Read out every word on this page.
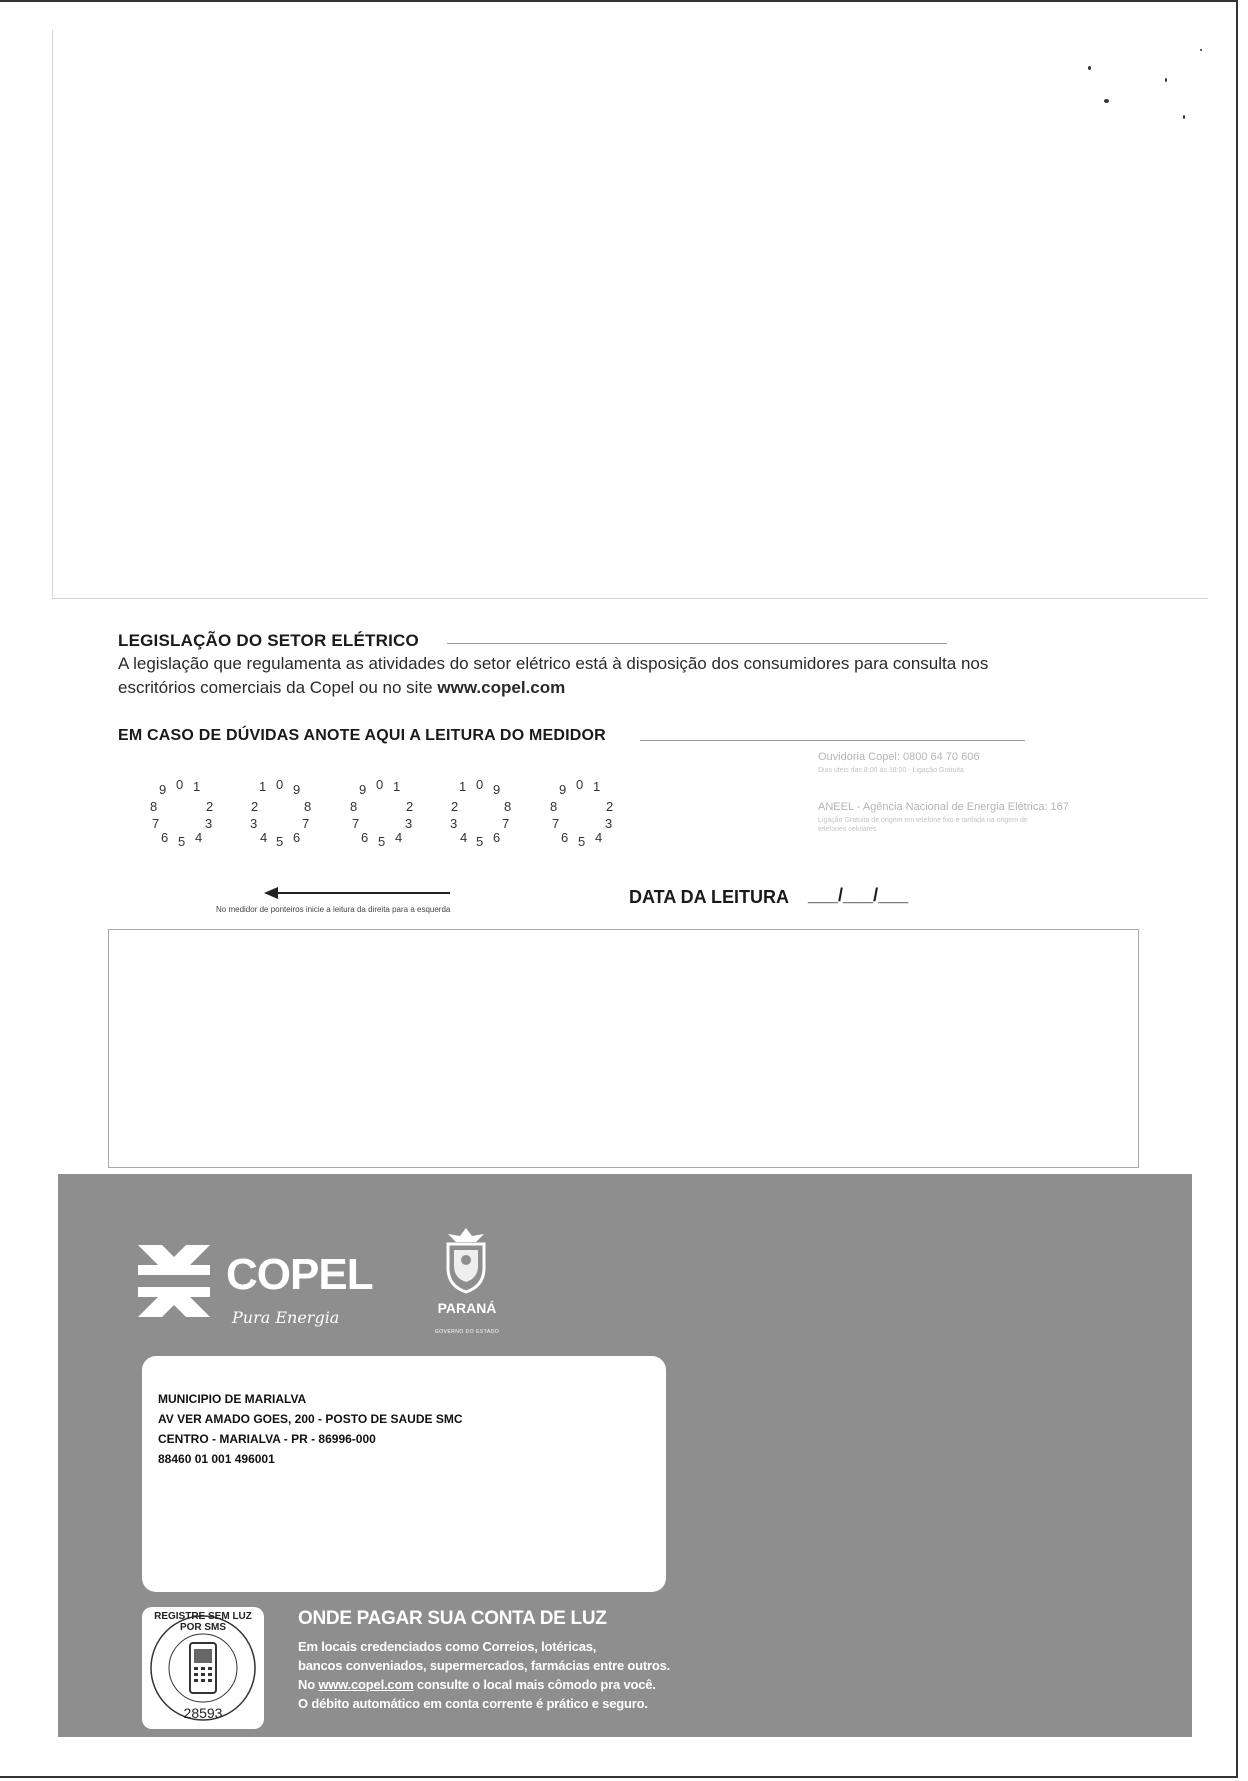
LEGISLAÇÃO DO SETOR ELÉTRICO
A legislação que regulamenta as atividades do setor elétrico está à disposição dos consumidores para consulta nos
escritórios comerciais da Copel ou no site www.copel.com
EM CASO DE DÚVIDAS ANOTE AQUI A LEITURA DO MEDIDOR
1
0
9
8
7
6 5 4
3
2
1 0 9
8
7
6
5
4
3
2
1
0
9
8
7
6 5 4
3
2
1 0 9
8
7
6
5
4
3
2
1
0
9
8
7
6 5 4
3
2
Ouvidoria Copel: 0800 64 70 606
Dias úteis das 8:00 às 18:00 - Ligação Gratuita
ANEEL - Agência Nacional de Energia Elétrica: 167
Ligação Gratuita de origem em telefone fixo e tarifada na origem de
telefones celulares
No medidor de ponteiros inicie a leitura da direita para a esquerda
DATA DA LEITURA ___/___/___
COPEL
Pura Energia	PARANÁ
GOVERNO DO ESTADO
MUNICIPIO DE MARIALVA
AV VER AMADO GOES, 200 - POSTO DE SAUDE SMC
CENTRO - MARIALVA - PR - 86996-000
88460 01 001 496001
REGISTRE SEM LUZ POR SMS
28593
ONDE PAGAR SUA CONTA DE LUZ
Em locais credenciados como Correios, lotéricas,
bancos conveniados, supermercados, farmácias entre outros.
No www.copel.com consulte o local mais cômodo pra você.
O débito automático em conta corrente é prático e seguro.
